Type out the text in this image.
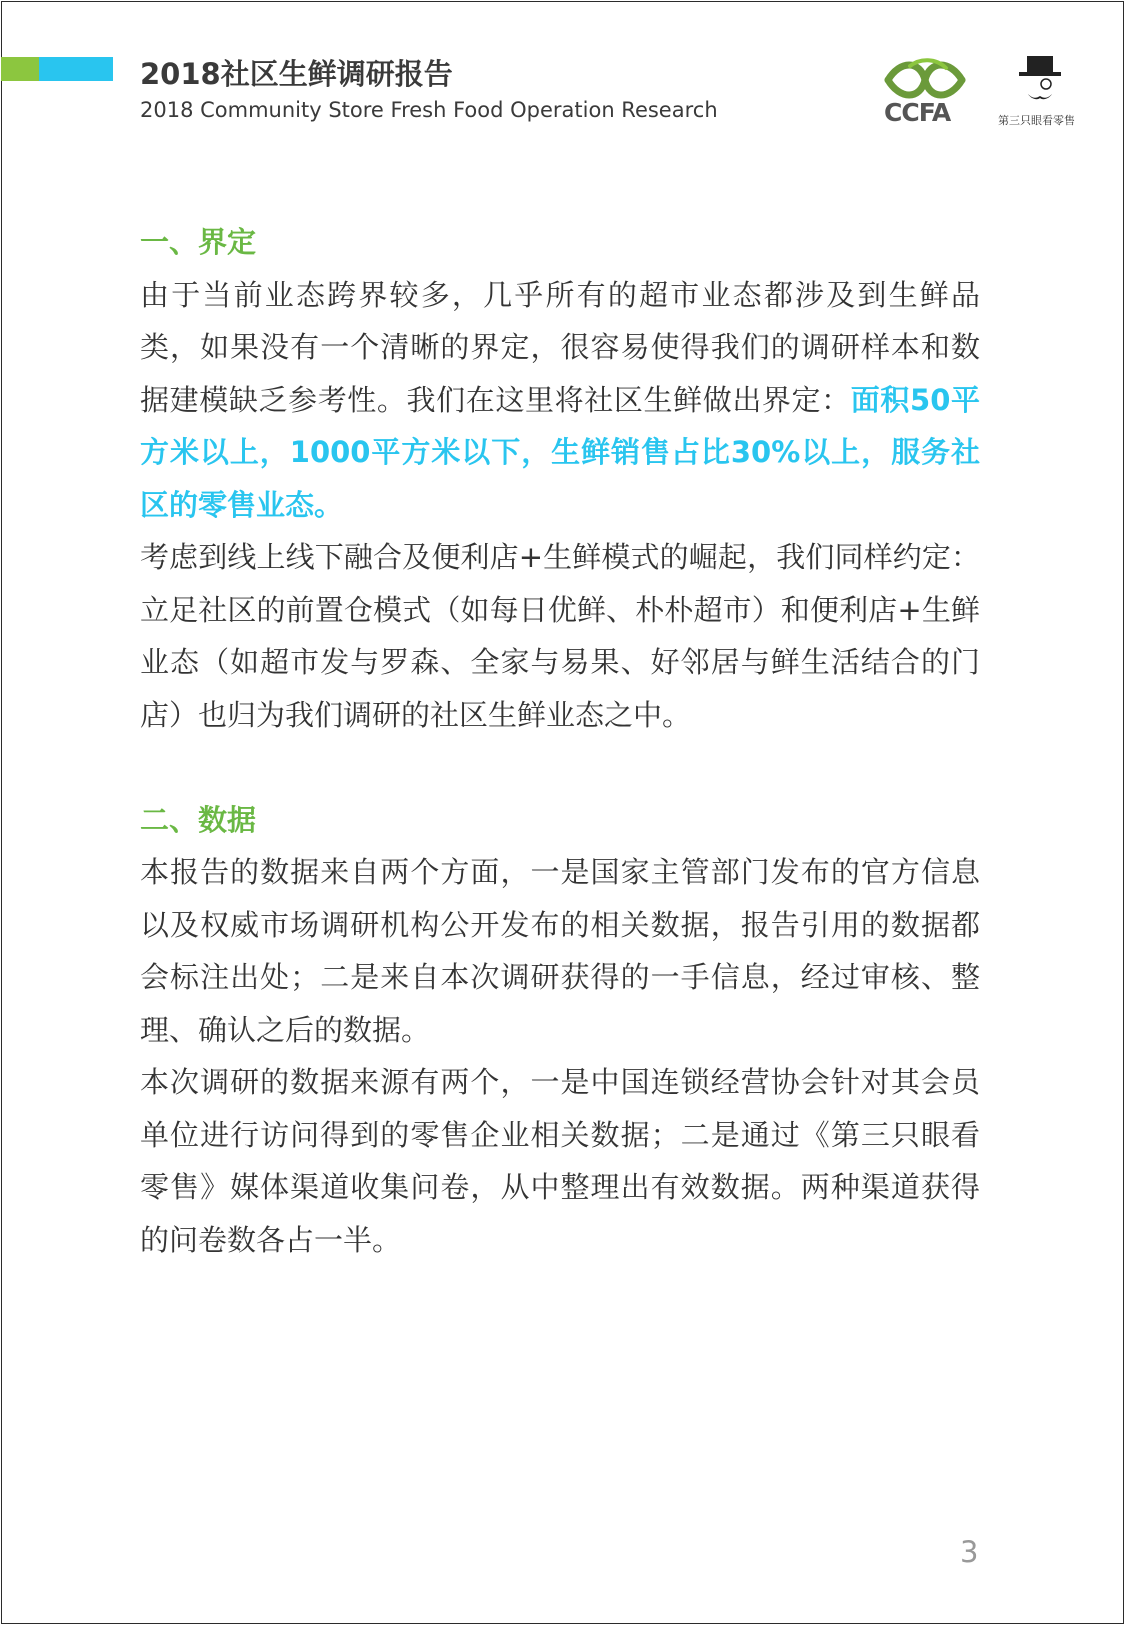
2018社区生鲜调研报告
2018 Community Store Fresh Food Operation Research	CCFA	第三只眼看零售
一、界定
由于当前业态跨界较多，几乎所有的超市业态都涉及到生鲜品类，如果没有一个清晰的界定，很容易使得我们的调研样本和数据建模缺乏参考性。我们在这里将社区生鲜做出界定：面积50平方米以上，1000平方米以下，生鲜销售占比30%以上，服务社区的零售业态。
考虑到线上线下融合及便利店+生鲜模式的崛起，我们同样约定：立足社区的前置仓模式（如每日优鲜、朴朴超市）和便利店+生鲜业态（如超市发与罗森、全家与易果、好邻居与鲜生活结合的门店）也归为我们调研的社区生鲜业态之中。
二、数据
本报告的数据来自两个方面，一是国家主管部门发布的官方信息以及权威市场调研机构公开发布的相关数据，报告引用的数据都会标注出处；二是来自本次调研获得的一手信息，经过审核、整理、确认之后的数据。
本次调研的数据来源有两个，一是中国连锁经营协会针对其会员单位进行访问得到的零售企业相关数据；二是通过《第三只眼看零售》媒体渠道收集问卷，从中整理出有效数据。两种渠道获得的问卷数各占一半。
3
